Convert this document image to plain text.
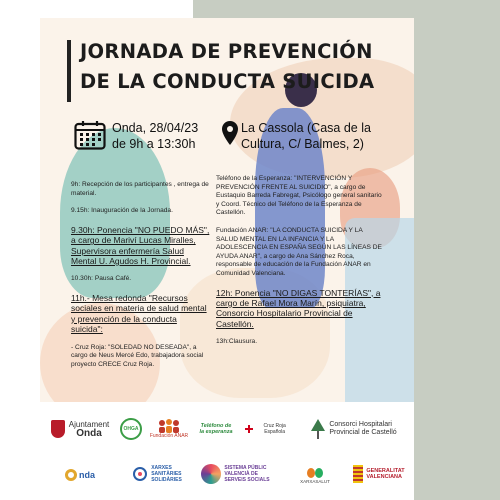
JORNADA DE PREVENCIÓN
DE LA CONDUCTA SUICIDA
Onda, 28/04/23
de 9h a 13:30h
La Cassola (Casa de la
Cultura, C/ Balmes, 2)

9h: Recepción de los participantes , entrega de material.

9.15h: Inauguración de la Jornada.

9.30h: Ponencia "NO PUEDO MÁS", a cargo de Mariví Lucas Miralles, Supervisora enfermería Salud Mental U. Agudos H. Provincial.

10.30h: Pausa Café.

11h.- Mesa redonda "Recursos sociales en materia de salud mental y prevención de la conducta suicida":

- Cruz Roja: "SOLEDAD NO DESEADA", a cargo de Neus Mercé Edo, trabajadora social proyecto CRECE Cruz Roja.

Teléfono de la Esperanza: "INTERVENCIÓN Y PREVENCIÓN FRENTE AL SUICIDIO", a cargo de Eustaquio Barreda Fabregat, Psicólogo general sanitario y Coord. Técnico del Teléfono de la Esperanza de Castellón.

Fundación ANAR: "LA CONDUCTA SUICIDA Y LA SALUD MENTAL EN LA INFANCIA Y LA ADOLESCENCIA EN ESPAÑA SEGÚN LAS LÍNEAS DE AYUDA ANAR", a cargo de Ana Sánchez Roca, responsable de educación de la Fundación ANAR en Comunidad Valenciana.

12h: Ponencia "NO DIGAS TONTERÍAS", a cargo de Rafael Mora Marín, psiquiatra, Consorcio Hospitalario Provincial de Castellón.

13h:Clausura.

Ajuntament
Onda	OHGA
Fundación ANAR
Teléfono de
la esperanza
Cruz Roja Española
Consorci Hospitalari
Provincial de Castelló
nda
XARXES
SANITÀRIES
SOLIDÀRIES
SISTEMA PÚBLIC
VALENCIÀ DE
SERVEIS SOCIALS	XARXASALUT
GENERALITAT
VALENCIANA
